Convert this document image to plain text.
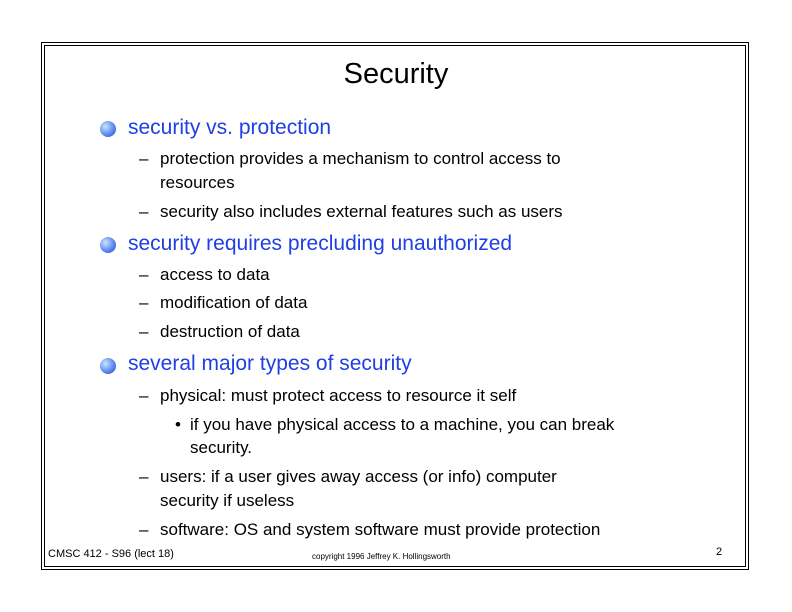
Security
security vs. protection
– protection provides a mechanism to control access to
resources
– security also includes external features such as users
security requires precluding unauthorized
– access to data
– modification of data
– destruction of data
several major types of security
– physical: must protect access to resource it self
• if you have physical access to a machine, you can break
security.
– users: if a user gives away access (or info) computer
security if useless
– software: OS and system software must provide protection
CMSC 412 - S96 (lect 18)	copyright 1996 Jeffrey K. Hollingsworth	2
